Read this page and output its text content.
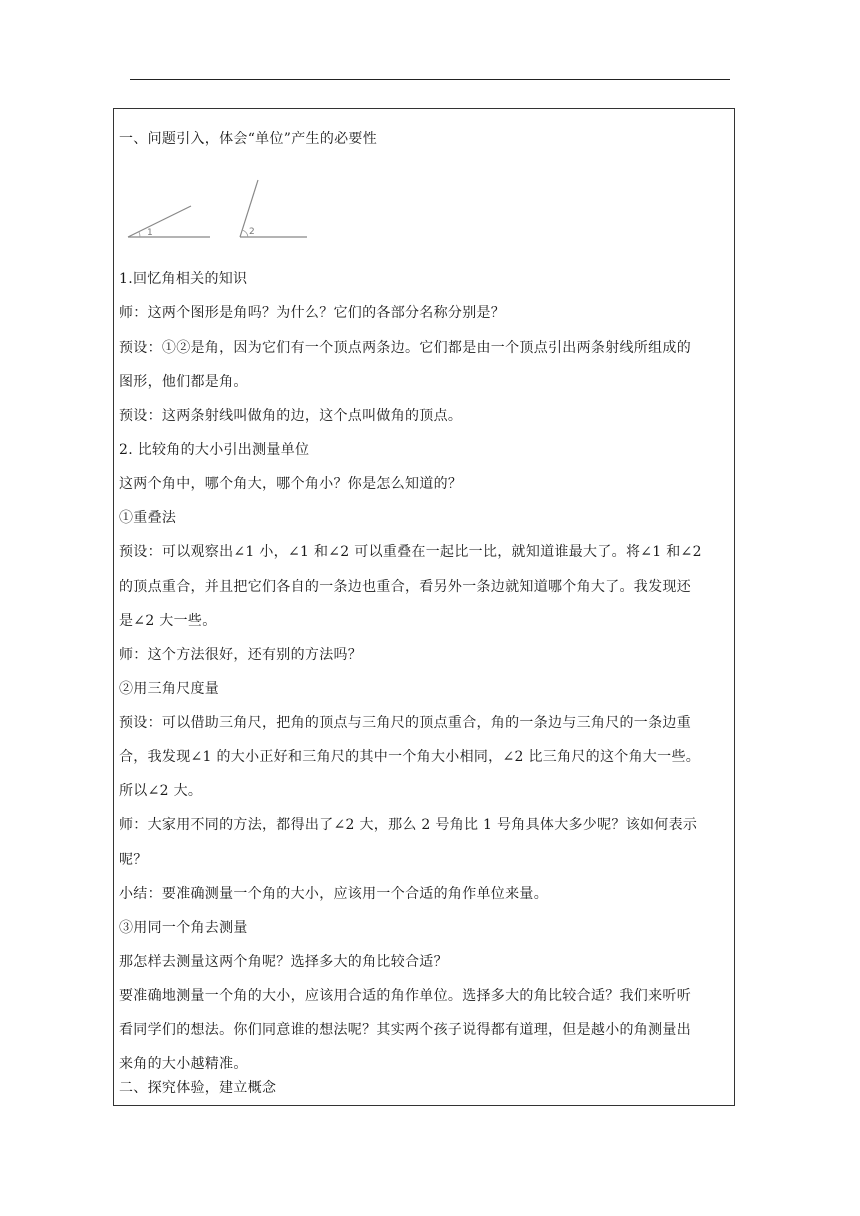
一、问题引入，体会“单位”产生的必要性
1	2
1.回忆角相关的知识
师：这两个图形是角吗？为什么？它们的各部分名称分别是？
预设：①②是角，因为它们有一个顶点两条边。它们都是由一个顶点引出两条射线所组成的
图形，他们都是角。
预设：这两条射线叫做角的边，这个点叫做角的顶点。
2. 比较角的大小引出测量单位
这两个角中，哪个角大，哪个角小？你是怎么知道的？
①重叠法
预设：可以观察出∠1 小，∠1 和∠2 可以重叠在一起比一比，就知道谁最大了。将∠1 和∠2
的顶点重合，并且把它们各自的一条边也重合，看另外一条边就知道哪个角大了。我发现还
是∠2 大一些。
师：这个方法很好，还有别的方法吗？
②用三角尺度量
预设：可以借助三角尺，把角的顶点与三角尺的顶点重合，角的一条边与三角尺的一条边重
合，我发现∠1 的大小正好和三角尺的其中一个角大小相同，∠2 比三角尺的这个角大一些。
所以∠2 大。
师：大家用不同的方法，都得出了∠2 大，那么 2 号角比 1 号角具体大多少呢？该如何表示
呢？
小结：要准确测量一个角的大小，应该用一个合适的角作单位来量。
③用同一个角去测量
那怎样去测量这两个角呢？选择多大的角比较合适？
要准确地测量一个角的大小，应该用合适的角作单位。选择多大的角比较合适？我们来听听
看同学们的想法。你们同意谁的想法呢？其实两个孩子说得都有道理，但是越小的角测量出
来角的大小越精准。
二、探究体验，建立概念
